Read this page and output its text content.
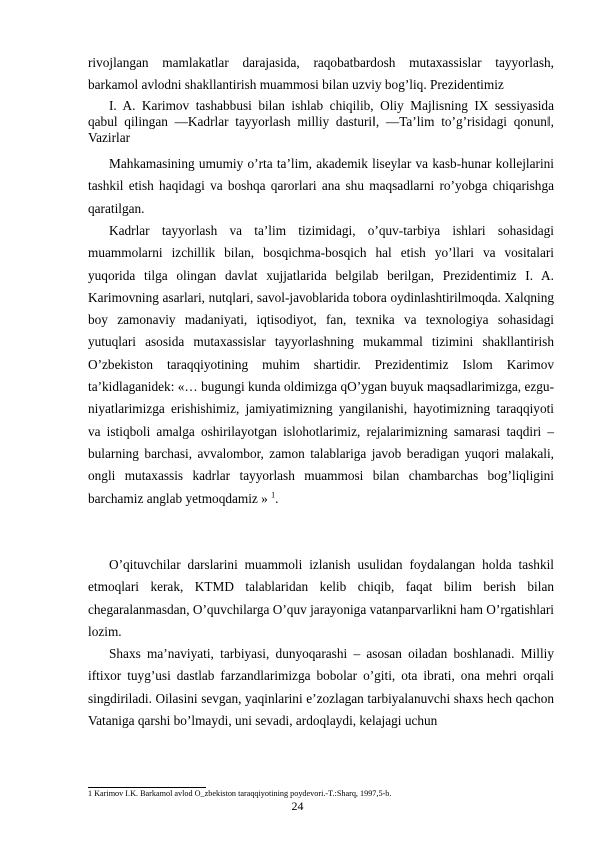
rivojlangan mamlakatlar darajasida, raqobatbardosh mutaxassislar tayyorlash, barkamol avlodni shakllantirish muammosi bilan uzviy bog’liq. Prezidentimiz

I. A. Karimov tashabbusi bilan ishlab chiqilib, Oliy Majlisning IX sessiyasida qabul qilingan ―Kadrlar tayyorlash milliy dasturi‖, ―Ta’lim to’g’risidagi qonun‖, Vazirlar

Mahkamasining umumiy o’rta ta’lim, akademik liseylar va kasb-hunar kollejlarini tashkil etish haqidagi va boshqa qarorlari ana shu maqsadlarni ro’yobga chiqarishga qaratilgan.

Kadrlar tayyorlash va ta’lim tizimidagi, o’quv-tarbiya ishlari sohasidagi muammolarni izchillik bilan, bosqichma-bosqich hal etish yo’llari va vositalari yuqorida tilga olingan davlat xujjatlarida belgilab berilgan, Prezidentimiz I. A. Karimovning asarlari, nutqlari, savol-javoblarida tobora oydinlashtirilmoqda. Xalqning boy zamonaviy madaniyati, iqtisodiyot, fan, texnika va texnologiya sohasidagi yutuqlari asosida mutaxassislar tayyorlashning mukammal tizimini shakllantirish O’zbekiston taraqqiyotining muhim shartidir. Prezidentimiz Islom Karimov ta’kidlaganidek: «… bugungi kunda oldimizga qO’ygan buyuk maqsadlarimizga, ezgu- niyatlarimizga erishishimiz, jamiyatimizning yangilanishi, hayotimizning taraqqiyoti va istiqboli amalga oshirilayotgan islohotlarimiz, rejalarimizning samarasi taqdiri – bularning barchasi, avvalombor, zamon talablariga javob beradigan yuqori malakali, ongli mutaxassis kadrlar tayyorlash muammosi bilan chambarchas bog’liqligini barchamiz anglab yetmoqdamiz » $^1$.

O’qituvchilar darslarini muammoli izlanish usulidan foydalangan holda tashkil etmoqlari kerak, KTMD talablaridan kelib chiqib, faqat bilim berish bilan chegaralanmasdan, O’quvchilarga O’quv jarayoniga vatanparvarlikni ham O’rgatishlari lozim.

Shaxs ma’naviyati, tarbiyasi, dunyoqarashi – asosan oiladan boshlanadi. Milliy iftixor tuyg’usi dastlab farzandlarimizga bobolar o’giti, ota ibrati, ona mehri orqali singdiriladi. Oilasini sevgan, yaqinlarini e’zozlagan tarbiyalanuvchi shaxs hech qachon Vataniga qarshi bo’lmaydi, uni sevadi, ardoqlaydi, kelajagi uchun

1 Karimov I.K. Barkamol avlod O_zbekiston taraqqiyotining poydevori.-T.:Sharq, 1997,5-b.
24
